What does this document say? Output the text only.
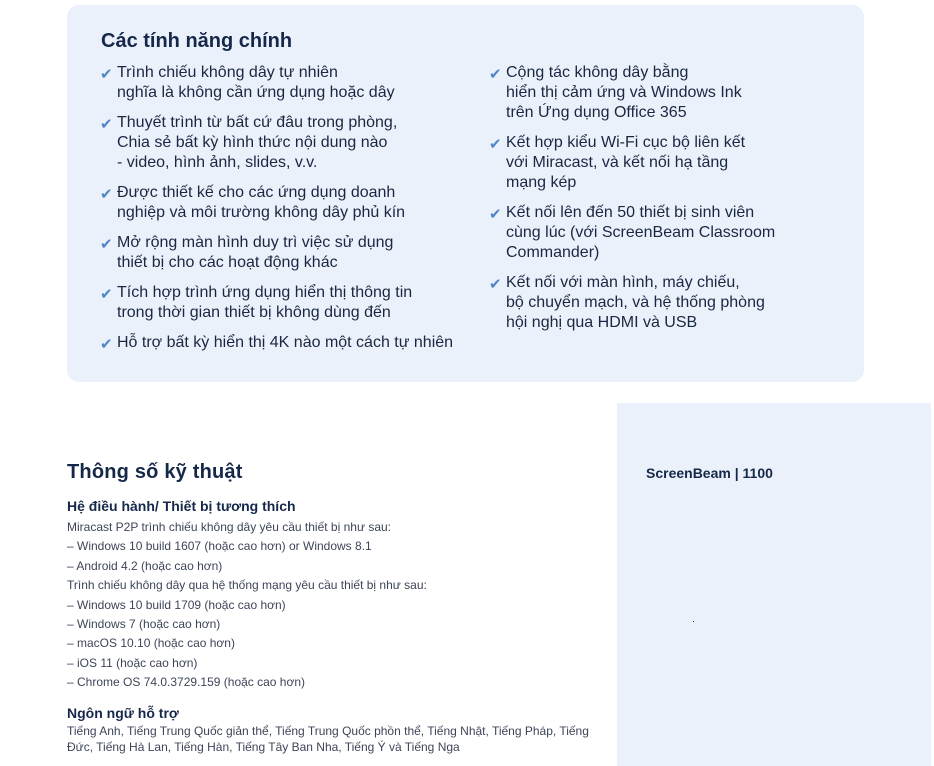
Các tính năng chính
✔ Trình chiếu không dây tự nhiên
nghĩa là không cần ứng dụng hoặc dây
✔ Thuyết trình từ bất cứ đâu trong phòng,
Chia sẻ bất kỳ hình thức nội dung nào
- video, hình ảnh, slides, v.v.
✔ Được thiết kế cho các ứng dụng doanh
nghiệp và môi trường không dây phủ kín
✔ Mở rộng màn hình duy trì việc sử dụng
thiết bị cho các hoạt động khác
✔ Tích hợp trình ứng dụng hiển thị thông tin
trong thời gian thiết bị không dùng đến
✔ Hỗ trợ bất kỳ hiển thị 4K nào một cách tự nhiên
✔ Cộng tác không dây bằng
hiển thị cảm ứng và Windows Ink
trên Ứng dụng Office 365
✔ Kết hợp kiểu Wi-Fi cục bộ liên kết
với Miracast, và kết nối hạ tầng
mạng kép
✔ Kết nối lên đến 50 thiết bị sinh viên
cùng lúc (với ScreenBeam Classroom
Commander)
✔ Kết nối với màn hình, máy chiếu,
bộ chuyển mạch, và hệ thống phòng
hội nghị qua HDMI và USB
Thông số kỹ thuật
Hệ điều hành/ Thiết bị tương thích

Miracast P2P trình chiếu không dây yêu cầu thiết bị như sau:

– Windows 10 build 1607 (hoặc cao hơn) or Windows 8.1

– Android 4.2 (hoặc cao hơn)

Trình chiếu không dây qua hệ thống mạng yêu cầu thiết bị như sau:

– Windows 10 build 1709 (hoặc cao hơn)

– Windows 7 (hoặc cao hơn)

– macOS 10.10 (hoặc cao hơn)

– iOS 11 (hoặc cao hơn)

– Chrome OS 74.0.3729.159 (hoặc cao hơn)

Ngôn ngữ hỗ trợ

Tiếng Anh, Tiếng Trung Quốc giản thể, Tiếng Trung Quốc phồn thể, Tiếng Nhật, Tiếng Pháp, Tiếng Đức, Tiếng Hà Lan, Tiếng Hàn, Tiếng Tây Ban Nha, Tiếng Ý và Tiếng Nga

ScreenBeam | 1100
